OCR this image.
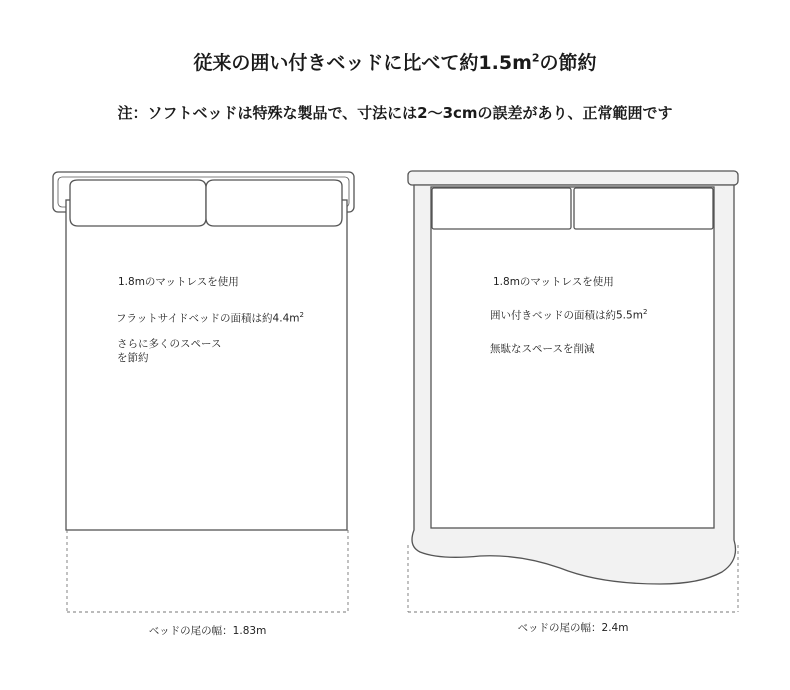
従来の囲い付きベッドに比べて約$1.5m^2$の節約
注：ソフトベッドは特殊な製品で、寸法には2〜3cmの誤差があり、正常範囲です
1.8mのマットレスを使用
フラットサイドベッドの面積は約$4.4m^2$
さらに多くのスペース
を節約
1.8mのマットレスを使用
囲い付きベッドの面積は約$5.5m^2$
無駄なスペースを削減
ベッドの尾の幅：1.83m	ベッドの尾の幅：2.4m
